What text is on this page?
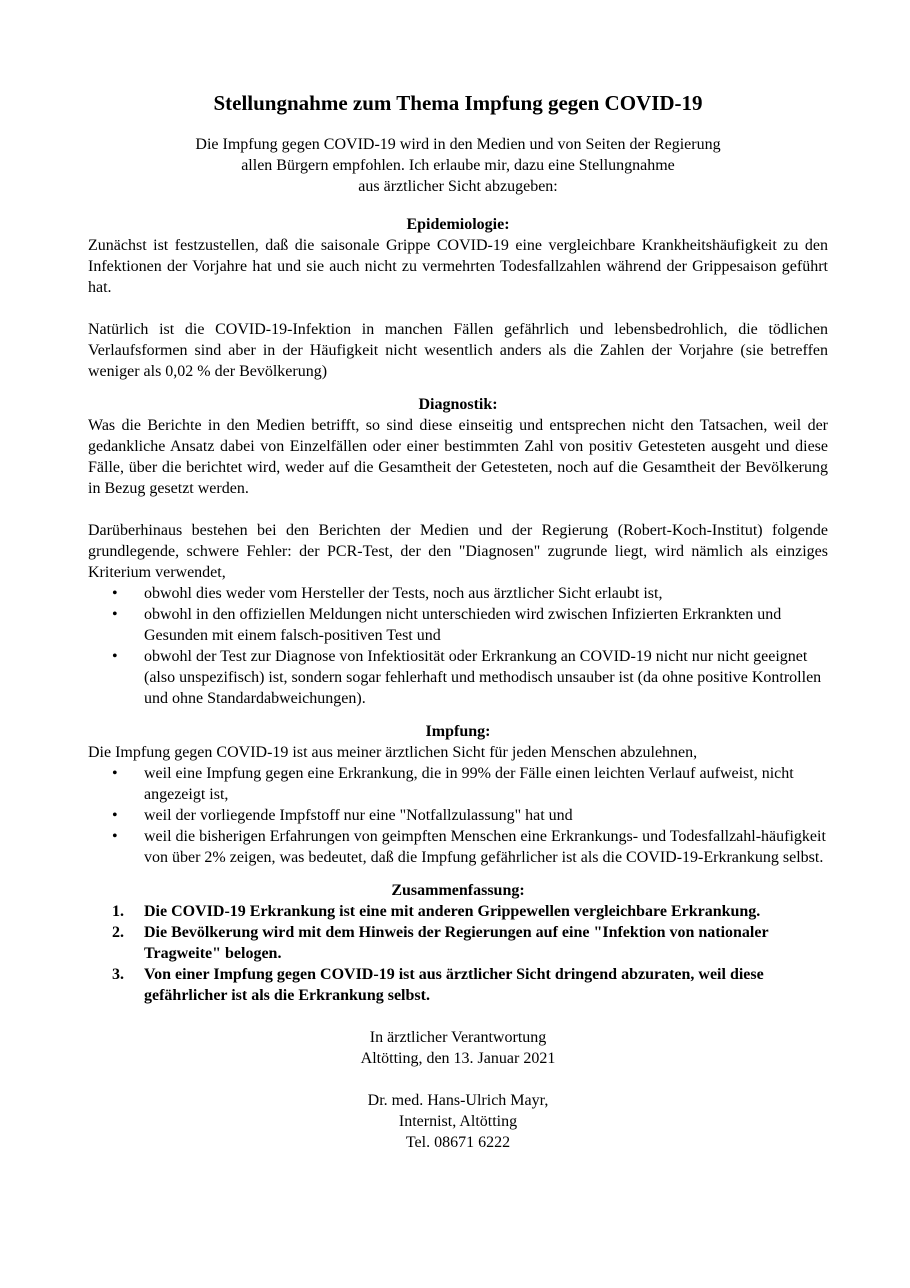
Stellungnahme zum Thema Impfung gegen COVID-19
Die Impfung gegen COVID-19 wird in den Medien und von Seiten der Regierung
allen Bürgern empfohlen. Ich erlaube mir, dazu eine Stellungnahme
aus ärztlicher Sicht abzugeben:
Epidemiologie:

Zunächst ist festzustellen, daß die saisonale Grippe COVID-19 eine vergleichbare Krankheitshäufigkeit zu den Infektionen der Vorjahre hat und sie auch nicht zu vermehrten Todesfallzahlen während der Grippesaison geführt hat.

Natürlich ist die COVID-19-Infektion in manchen Fällen gefährlich und lebensbedrohlich, die tödlichen Verlaufsformen sind aber in der Häufigkeit nicht wesentlich anders als die Zahlen der Vorjahre (sie betreffen weniger als 0,02 % der Bevölkerung)

Diagnostik:

Was die Berichte in den Medien betrifft, so sind diese einseitig und entsprechen nicht den Tatsachen, weil der gedankliche Ansatz dabei von Einzelfällen oder einer bestimmten Zahl von positiv Getesteten ausgeht und diese Fälle, über die berichtet wird, weder auf die Gesamtheit der Getesteten, noch auf die Gesamtheit der Bevölkerung in Bezug gesetzt werden.

Darüberhinaus bestehen bei den Berichten der Medien und der Regierung (Robert-Koch-Institut) folgende grundlegende, schwere Fehler: der PCR-Test, der den "Diagnosen" zugrunde liegt, wird nämlich als einziges Kriterium verwendet,

• obwohl dies weder vom Hersteller der Tests, noch aus ärztlicher Sicht erlaubt ist,
• obwohl in den offiziellen Meldungen nicht unterschieden wird zwischen Infizierten Erkrankten und Gesunden mit einem falsch-positiven Test und
• obwohl der Test zur Diagnose von Infektiosität oder Erkrankung an COVID-19 nicht nur nicht geeignet (also unspezifisch) ist, sondern sogar fehlerhaft und methodisch unsauber ist (da ohne positive Kontrollen und ohne Standardabweichungen).
Impfung:

Die Impfung gegen COVID-19 ist aus meiner ärztlichen Sicht für jeden Menschen abzulehnen,

• weil eine Impfung gegen eine Erkrankung, die in 99% der Fälle einen leichten Verlauf aufweist, nicht angezeigt ist,
• weil der vorliegende Impfstoff nur eine "Notfallzulassung" hat und
• weil die bisherigen Erfahrungen von geimpften Menschen eine Erkrankungs- und Todesfallzahl-häufigkeit von über 2% zeigen, was bedeutet, daß die Impfung gefährlicher ist als die COVID-19-Erkrankung selbst.
Zusammenfassung:
1. Die COVID-19 Erkrankung ist eine mit anderen Grippewellen vergleichbare Erkrankung.
2. Die Bevölkerung wird mit dem Hinweis der Regierungen auf eine "Infektion von nationaler Tragweite" belogen.
3. Von einer Impfung gegen COVID-19 ist aus ärztlicher Sicht dringend abzuraten, weil diese gefährlicher ist als die Erkrankung selbst.
In ärztlicher Verantwortung
Altötting, den 13. Januar 2021
Dr. med. Hans-Ulrich Mayr,
Internist, Altötting
Tel. 08671 6222
